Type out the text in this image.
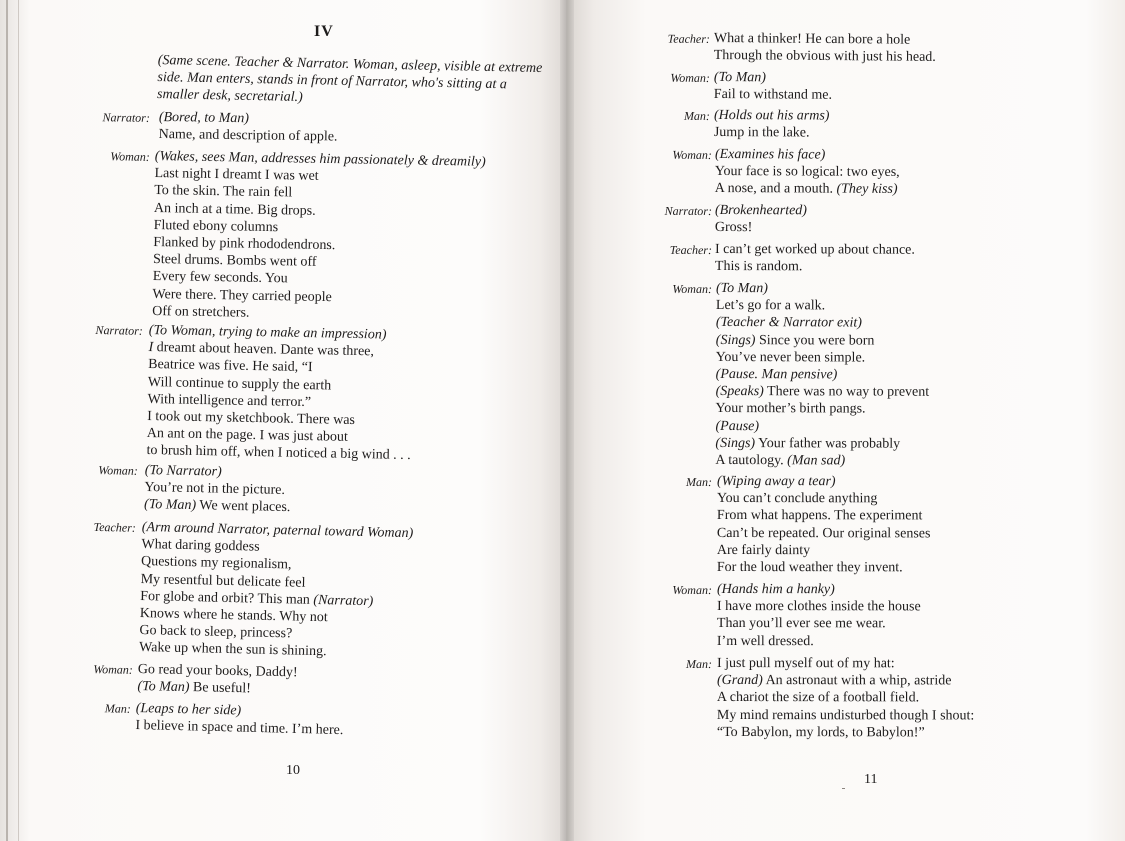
IV
(Same scene. Teacher & Narrator. Woman, asleep, visible at extreme side. Man enters, stands in front of Narrator, who's sitting at a smaller desk, secretarial.)
Narrator: (Bored, to Man)
Name, and description of apple.
Woman: (Wakes, sees Man, addresses him passionately & dreamily)
Last night I dreamt I was wet
To the skin. The rain fell
An inch at a time. Big drops.
Fluted ebony columns
Flanked by pink rhododendrons.
Steel drums. Bombs went off
Every few seconds. You
Were there. They carried people
Off on stretchers.
Narrator: (To Woman, trying to make an impression)
I dreamt about heaven. Dante was three,
Beatrice was five. He said, “I
Will continue to supply the earth
With intelligence and terror.”
I took out my sketchbook. There was
An ant on the page. I was just about
to brush him off, when I noticed a big wind . . .
Woman: (To Narrator)
You’re not in the picture.
(To Man) We went places.
Teacher: (Arm around Narrator, paternal toward Woman)
What daring goddess
Questions my regionalism,
My resentful but delicate feel
For globe and orbit? This man (Narrator)
Knows where he stands. Why not
Go back to sleep, princess?
Wake up when the sun is shining.
Woman: Go read your books, Daddy!
(To Man) Be useful!
Man: (Leaps to her side)
I believe in space and time. I’m here.
10
Teacher: What a thinker! He can bore a hole
Through the obvious with just his head.
Woman: (To Man)
Fail to withstand me.
Man: (Holds out his arms)
Jump in the lake.
Woman: (Examines his face)
Your face is so logical: two eyes,
A nose, and a mouth. (They kiss)
Narrator: (Brokenhearted)
Gross!
Teacher: I can’t get worked up about chance.
This is random.
Woman: (To Man)
Let’s go for a walk.
(Teacher & Narrator exit)
(Sings) Since you were born
You’ve never been simple.
(Pause. Man pensive)
(Speaks) There was no way to prevent
Your mother’s birth pangs.
(Pause)
(Sings) Your father was probably
A tautology. (Man sad)
Man: (Wiping away a tear)
You can’t conclude anything
From what happens. The experiment
Can’t be repeated. Our original senses
Are fairly dainty
For the loud weather they invent.
Woman: (Hands him a hanky)
I have more clothes inside the house
Than you’ll ever see me wear.
I’m well dressed.
Man: I just pull myself out of my hat:
(Grand) An astronaut with a whip, astride
A chariot the size of a football field.
My mind remains undisturbed though I shout:
“To Babylon, my lords, to Babylon!”
11
